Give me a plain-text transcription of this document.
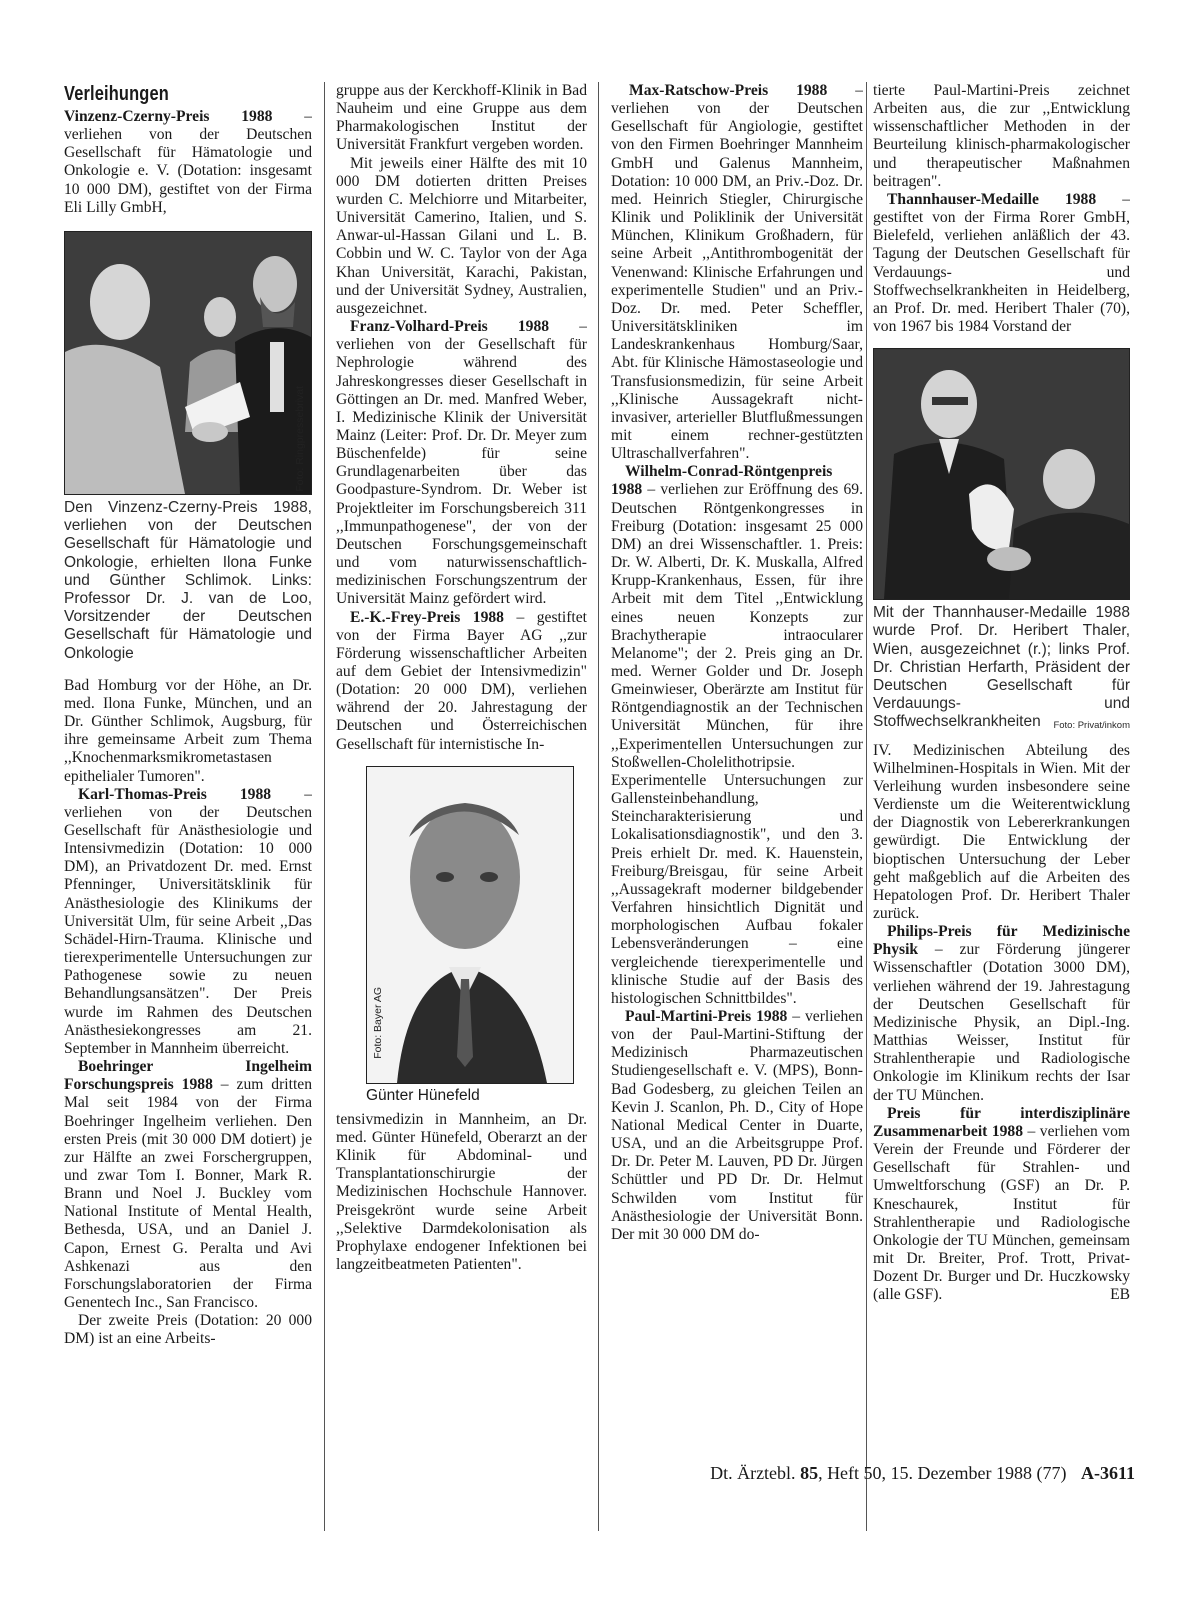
Verleihungen

Vinzenz-Czerny-Preis 1988 – verliehen von der Deutschen Gesellschaft für Hämatologie und Onkologie e. V. (Dotation: insgesamt 10 000 DM), gestiftet von der Firma Eli Lilly GmbH,

Foto: Ringpressebrivat
Den Vinzenz-Czerny-Preis 1988, verliehen von der Deutschen Gesellschaft für Hämatologie und Onkologie, erhielten Ilona Funke und Günther Schlimok. Links: Professor Dr. J. van de Loo, Vorsitzender der Deutschen Gesellschaft für Hämatologie und Onkologie

Bad Homburg vor der Höhe, an Dr. med. Ilona Funke, München, und an Dr. Günther Schlimok, Augsburg, für ihre gemeinsame Arbeit zum Thema ,,Knochenmarksmikrometastasen epithelialer Tumoren".

Karl-Thomas-Preis 1988 – verliehen von der Deutschen Gesellschaft für Anästhesiologie und Intensivmedizin (Dotation: 10 000 DM), an Privatdozent Dr. med. Ernst Pfenninger, Universitätsklinik für Anästhesiologie des Klinikums der Universität Ulm, für seine Arbeit ,,Das Schädel-Hirn-Trauma. Klinische und tierexperimentelle Untersuchungen zur Pathogenese sowie zu neuen Behandlungsansätzen". Der Preis wurde im Rahmen des Deutschen Anästhesiekongresses am 21. September in Mannheim überreicht.

Boehringer Ingelheim Forschungspreis 1988 – zum dritten Mal seit 1984 von der Firma Boehringer Ingelheim verliehen. Den ersten Preis (mit 30 000 DM dotiert) je zur Hälfte an zwei Forschergruppen, und zwar Tom I. Bonner, Mark R. Brann und Noel J. Buckley vom National Institute of Mental Health, Bethesda, USA, und an Daniel J. Capon, Ernest G. Peralta und Avi Ashkenazi aus den Forschungslaboratorien der Firma Genentech Inc., San Francisco.

Der zweite Preis (Dotation: 20 000 DM) ist an eine Arbeits-

gruppe aus der Kerckhoff-Klinik in Bad Nauheim und eine Gruppe aus dem Pharmakologischen Institut der Universität Frankfurt vergeben worden.

Mit jeweils einer Hälfte des mit 10 000 DM dotierten dritten Preises wurden C. Melchiorre und Mitarbeiter, Universität Camerino, Italien, und S. Anwar-ul-Hassan Gilani und L. B. Cobbin und W. C. Taylor von der Aga Khan Universität, Karachi, Pakistan, und der Universität Sydney, Australien, ausgezeichnet.

Franz-Volhard-Preis 1988 – verliehen von der Gesellschaft für Nephrologie während des Jahreskongresses dieser Gesellschaft in Göttingen an Dr. med. Manfred Weber, I. Medizinische Klinik der Universität Mainz (Leiter: Prof. Dr. Dr. Meyer zum Büschenfelde) für seine Grundlagenarbeiten über das Goodpasture-Syndrom. Dr. Weber ist Projektleiter im Forschungsbereich 311 ,,Immunpathogenese", der von der Deutschen Forschungsgemeinschaft und vom naturwissenschaftlich-medizinischen Forschungszentrum der Universität Mainz gefördert wird.

E.-K.-Frey-Preis 1988 – gestiftet von der Firma Bayer AG ,,zur Förderung wissenschaftlicher Arbeiten auf dem Gebiet der Intensivmedizin" (Dotation: 20 000 DM), verliehen während der 20. Jahrestagung der Deutschen und Österreichischen Gesellschaft für internistische In-

Foto: Bayer AG
Günter Hünefeld

tensivmedizin in Mannheim, an Dr. med. Günter Hünefeld, Oberarzt an der Klinik für Abdominal- und Transplantationschirurgie der Medizinischen Hochschule Hannover. Preisgekrönt wurde seine Arbeit ,,Selektive Darmdekolonisation als Prophylaxe endogener Infektionen bei langzeitbeatmeten Patienten".

Max-Ratschow-Preis 1988 – verliehen von der Deutschen Gesellschaft für Angiologie, gestiftet von den Firmen Boehringer Mannheim GmbH und Galenus Mannheim, Dotation: 10 000 DM, an Priv.-Doz. Dr. med. Heinrich Stiegler, Chirurgische Klinik und Poliklinik der Universität München, Klinikum Großhadern, für seine Arbeit ,,Antithrombogenität der Venenwand: Klinische Erfahrungen und experimentelle Studien" und an Priv.-Doz. Dr. med. Peter Scheffler, Universitätskliniken im Landeskrankenhaus Homburg/Saar, Abt. für Klinische Hämostaseologie und Transfusionsmedizin, für seine Arbeit ,,Klinische Aussagekraft nicht-invasiver, arterieller Blutflußmessungen mit einem rechner-gestützten Ultraschallverfahren".

Wilhelm-Conrad-Röntgenpreis 1988 – verliehen zur Eröffnung des 69. Deutschen Röntgenkongresses in Freiburg (Dotation: insgesamt 25 000 DM) an drei Wissenschaftler. 1. Preis: Dr. W. Alberti, Dr. K. Muskalla, Alfred Krupp-Krankenhaus, Essen, für ihre Arbeit mit dem Titel ,,Entwicklung eines neuen Konzepts zur Brachytherapie intraocularer Melanome"; der 2. Preis ging an Dr. med. Werner Golder und Dr. Joseph Gmeinwieser, Oberärzte am Institut für Röntgendiagnostik an der Technischen Universität München, für ihre ,,Experimentellen Untersuchungen zur Stoßwellen-Cholelithotripsie. Experimentelle Untersuchungen zur Gallensteinbehandlung, Steincharakterisierung und Lokalisationsdiagnostik", und den 3. Preis erhielt Dr. med. K. Hauenstein, Freiburg/Breisgau, für seine Arbeit ,,Aussagekraft moderner bildgebender Verfahren hinsichtlich Dignität und morphologischen Aufbau fokaler Lebensveränderungen – eine vergleichende tierexperimentelle und klinische Studie auf der Basis des histologischen Schnittbildes".

Paul-Martini-Preis 1988 – verliehen von der Paul-Martini-Stiftung der Medizinisch Pharmazeutischen Studiengesellschaft e. V. (MPS), Bonn-Bad Godesberg, zu gleichen Teilen an Kevin J. Scanlon, Ph. D., City of Hope National Medical Center in Duarte, USA, und an die Arbeitsgruppe Prof. Dr. Dr. Peter M. Lauven, PD Dr. Jürgen Schüttler und PD Dr. Dr. Helmut Schwilden vom Institut für Anästhesiologie der Universität Bonn. Der mit 30 000 DM do-

tierte Paul-Martini-Preis zeichnet Arbeiten aus, die zur ,,Entwicklung wissenschaftlicher Methoden in der Beurteilung klinisch-pharmakologischer und therapeutischer Maßnahmen beitragen".

Thannhauser-Medaille 1988 – gestiftet von der Firma Rorer GmbH, Bielefeld, verliehen anläßlich der 43. Tagung der Deutschen Gesellschaft für Verdauungs- und Stoffwechselkrankheiten in Heidelberg, an Prof. Dr. med. Heribert Thaler (70), von 1967 bis 1984 Vorstand der

Mit der Thannhauser-Medaille 1988 wurde Prof. Dr. Heribert Thaler, Wien, ausgezeichnet (r.); links Prof. Dr. Christian Herfarth, Präsident der Deutschen Gesellschaft für Verdauungs- und Stoffwechselkrankheiten Foto: Privat/inkom

IV. Medizinischen Abteilung des Wilhelminen-Hospitals in Wien. Mit der Verleihung wurden insbesondere seine Verdienste um die Weiterentwicklung der Diagnostik von Lebererkrankungen gewürdigt. Die Entwicklung der bioptischen Untersuchung der Leber geht maßgeblich auf die Arbeiten des Hepatologen Prof. Dr. Heribert Thaler zurück.

Philips-Preis für Medizinische Physik – zur Förderung jüngerer Wissenschaftler (Dotation 3000 DM), verliehen während der 19. Jahrestagung der Deutschen Gesellschaft für Medizinische Physik, an Dipl.-Ing. Matthias Weisser, Institut für Strahlentherapie und Radiologische Onkologie im Klinikum rechts der Isar der TU München.

Preis für interdisziplinäre Zusammenarbeit 1988 – verliehen vom Verein der Freunde und Förderer der Gesellschaft für Strahlen- und Umweltforschung (GSF) an Dr. P. Kneschaurek, Institut für Strahlentherapie und Radiologische Onkologie der TU München, gemeinsam mit Dr. Breiter, Prof. Trott, Privat-Dozent Dr. Burger und Dr. Huczkowsky (alle GSF).	EB

Dt. Ärztebl. 85, Heft 50, 15. Dezember 1988 (77) A-3611
